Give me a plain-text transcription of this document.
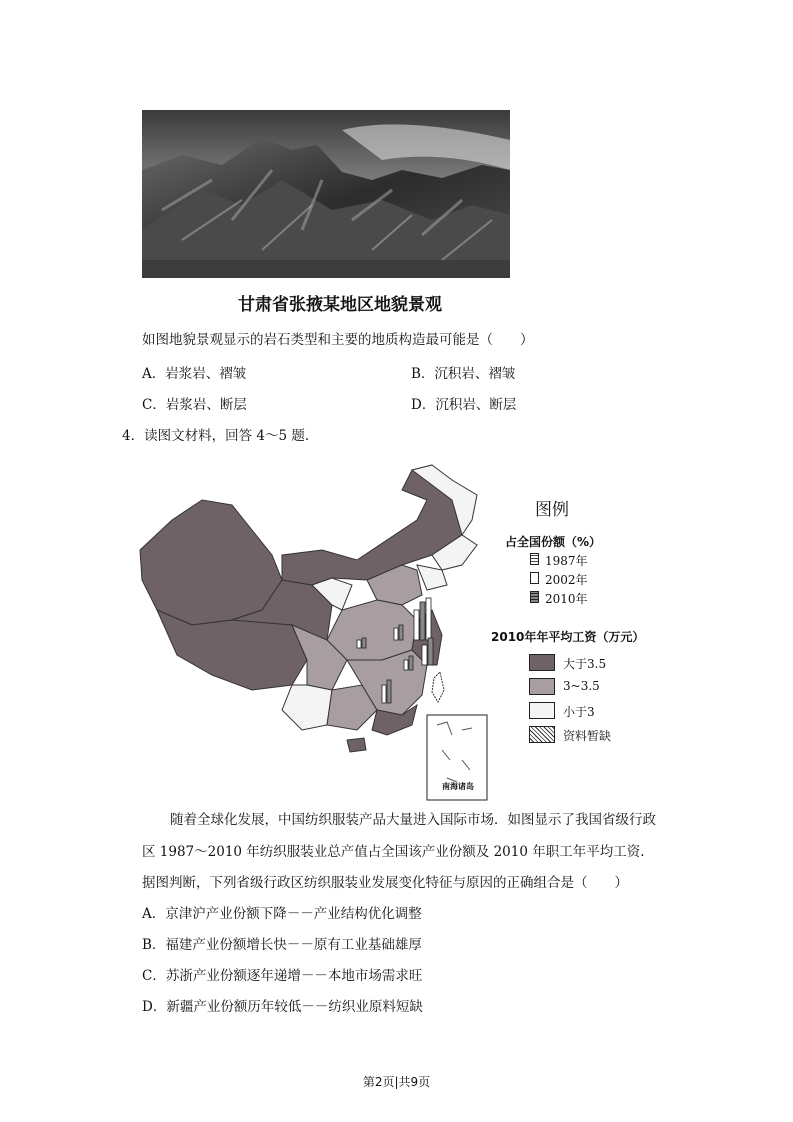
甘肃省张掖某地区地貌景观
如图地貌景观显示的岩石类型和主要的地质构造最可能是（　　）
A．岩浆岩、褶皱	B．沉积岩、褶皱
C．岩浆岩、断层	D．沉积岩、断层
4．读图文材料，回答 4～5 题.
南海诸岛
图例
占全国份额（%）
1987年
2002年
2010年
2010年年平均工资（万元）
大于3.5
3~3.5
小于3
资料暂缺
随着全球化发展，中国纺织服装产品大量进入国际市场．如图显示了我国省级行政
区 1987～2010 年纺织服装业总产值占全国该产业份额及 2010 年职工年平均工资.
据图判断，下列省级行政区纺织服装业发展变化特征与原因的正确组合是（　　）
A．京津沪产业份额下降－－产业结构优化调整
B．福建产业份额增长快－－原有工业基础雄厚
C．苏浙产业份额逐年递增－－本地市场需求旺
D．新疆产业份额历年较低－－纺织业原料短缺
第2页|共9页
